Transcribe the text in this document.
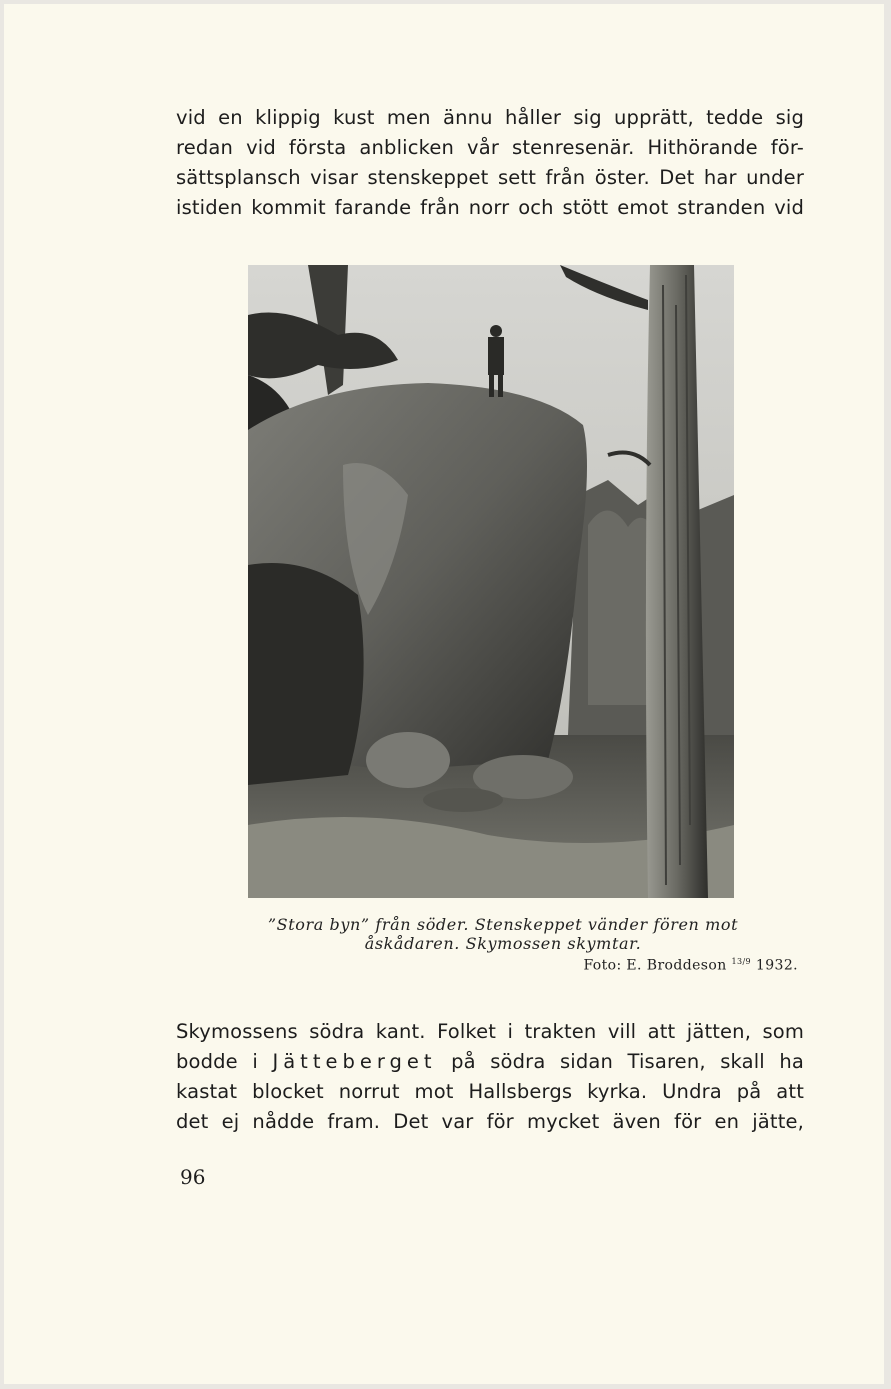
vid en klippig kust men ännu håller sig upprätt, tedde sig
redan vid första anblicken vår stenresenär. Hithörande för-
sättsplansch visar stenskeppet sett från öster. Det har under
istiden kommit farande från norr och stött emot stranden vid
”Stora byn” från söder. Stenskeppet vänder fören mot
åskådaren. Skymossen skymtar.
Foto: E. Broddeson $^{13/9}$ 1932.
Skymossens södra kant. Folket i trakten vill att jätten, som
bodde i Jätteberget på södra sidan Tisaren, skall ha
kastat blocket norrut mot Hallsbergs kyrka. Undra på att
det ej nådde fram. Det var för mycket även för en jätte,
96
